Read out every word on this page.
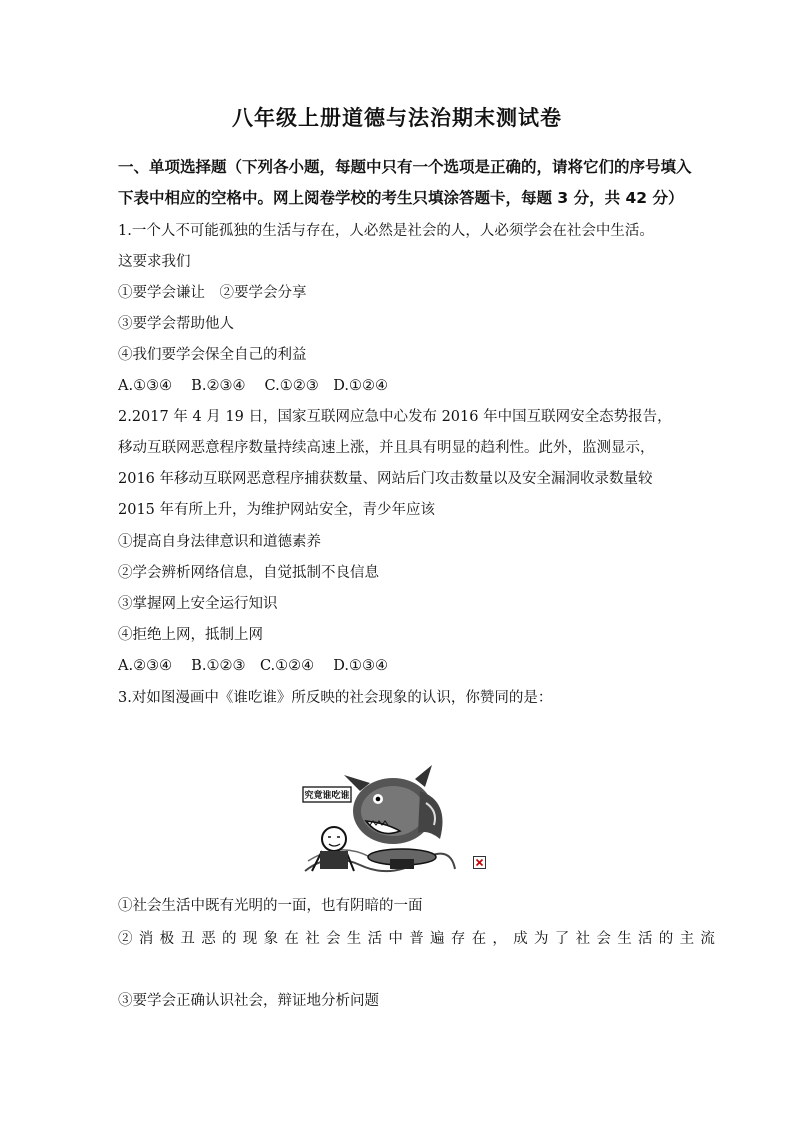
八年级上册道德与法治期末测试卷
一、单项选择题（下列各小题，每题中只有一个选项是正确的，请将它们的序号填入
下表中相应的空格中。网上阅卷学校的考生只填涂答题卡，每题 3 分，共 42 分）
1.一个人不可能孤独的生活与存在，人必然是社会的人，人必须学会在社会中生活。
这要求我们
①要学会谦让　②要学会分享
③要学会帮助他人
④我们要学会保全自己的利益
A.①③④　 B.②③④　 C.①②③　D.①②④
2.2017 年 4 月 19 日，国家互联网应急中心发布 2016 年中国互联网安全态势报告，
移动互联网恶意程序数量持续高速上涨，并且具有明显的趋利性。此外，监测显示，
2016 年移动互联网恶意程序捕获数量、网站后门攻击数量以及安全漏洞收录数量较
2015 年有所上升，为维护网站安全，青少年应该
①提高自身法律意识和道德素养
②学会辨析网络信息，自觉抵制不良信息
③掌握网上安全运行知识
④拒绝上网，抵制上网
A.②③④　 B.①②③　C.①②④　 D.①③④
3.对如图漫画中《谁吃谁》所反映的社会现象的认识，你赞同的是：
究竟谁吃谁
①社会生活中既有光明的一面，也有阴暗的一面
②消极丑恶的现象在社会生活中普遍存在，成为了社会生活的主流
③要学会正确认识社会，辩证地分析问题
